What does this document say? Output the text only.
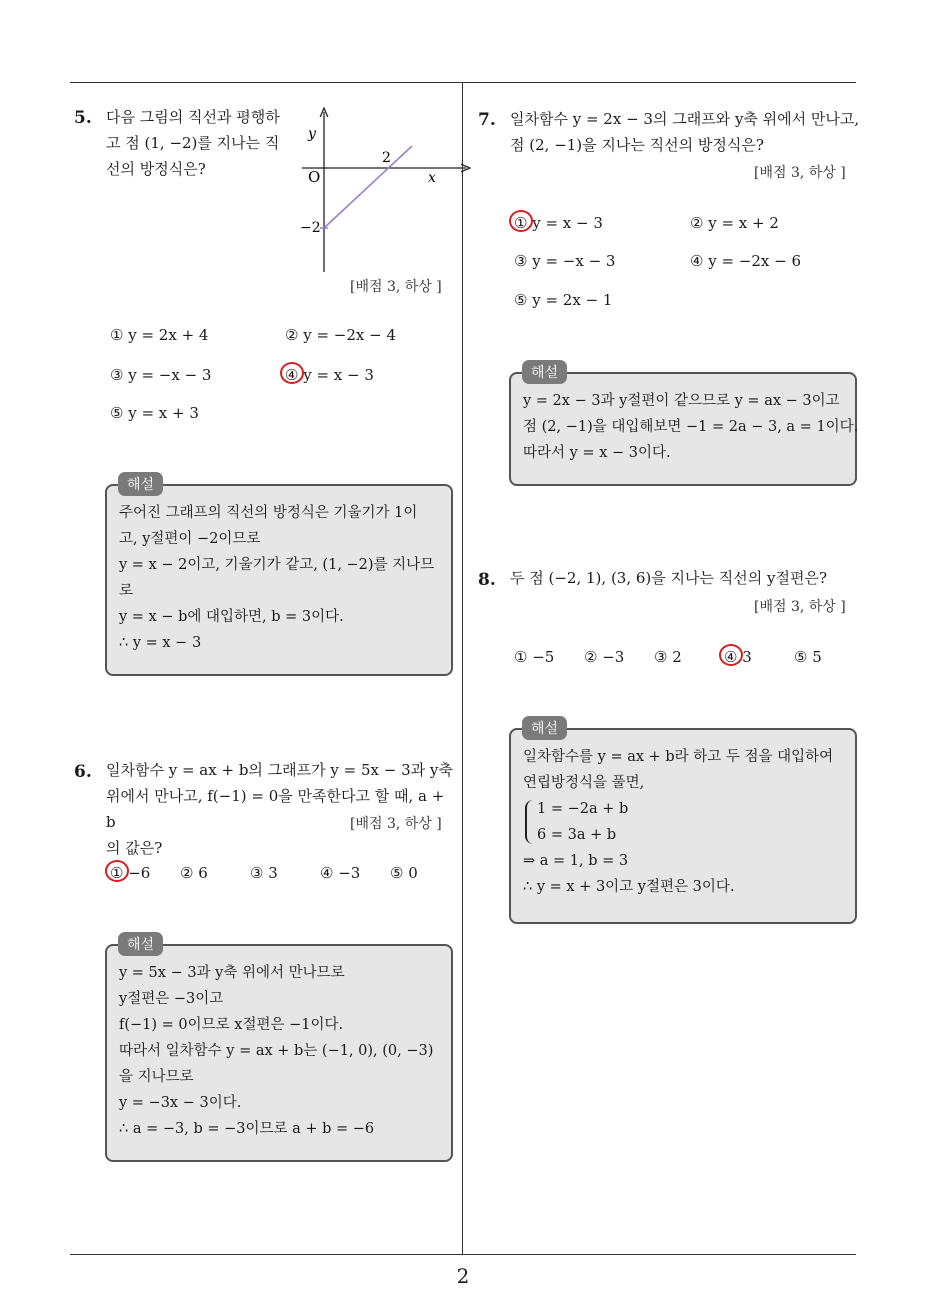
2
5. 다음 그림의 직선과 평행하
고 점 (1, −2)를 지나는 직
선의 방정식은?
y
x
O
2
−2
[배점 3, 하상 ]
① y = 2x + 4	② y = −2x − 4
③ y = −x − 3	④ y = x − 3
⑤ y = x + 3
주어진 그래프의 직선의 방정식은 기울기가 1이
고, y절편이 −2이므로
y = x − 2이고, 기울기가 같고, (1, −2)를 지나므
로
y = x − b에 대입하면, b = 3이다.
∴ y = x − 3
해설
6. 일차함수 y = ax + b의 그래프가 y = 5x − 3과 y축
위에서 만나고, f(−1) = 0을 만족한다고 할 때, a + b
의 값은?
[배점 3, 하상 ]
① −6 ② 6	③ 3	④ −3 ⑤ 0
y = 5x − 3과 y축 위에서 만나므로
y절편은 −3이고
f(−1) = 0이므로 x절편은 −1이다.
따라서 일차함수 y = ax + b는 (−1, 0), (0, −3)
을 지나므로
y = −3x − 3이다.
∴ a = −3, b = −3이므로 a + b = −6
해설
7. 일차함수 y = 2x − 3의 그래프와 y축 위에서 만나고,
점 (2, −1)을 지나는 직선의 방정식은?
[배점 3, 하상 ]
① y = x − 3	② y = x + 2
③ y = −x − 3	④ y = −2x − 6
⑤ y = 2x − 1
y = 2x − 3과 y절편이 같으므로 y = ax − 3이고
점 (2, −1)을 대입해보면 −1 = 2a − 3, a = 1이다.
따라서 y = x − 3이다.
해설
8. 두 점 (−2, 1), (3, 6)을 지나는 직선의 y절편은?
[배점 3, 하상 ]
① −5 ② −3 ③ 2	④ 3	⑤ 5
일차함수를 y = ax + b라 하고 두 점을 대입하여
연립방정식을 풀면,
1 = −2a + b
6 = 3a + b
⇒ a = 1, b = 3
∴ y = x + 3이고 y절편은 3이다.
해설
